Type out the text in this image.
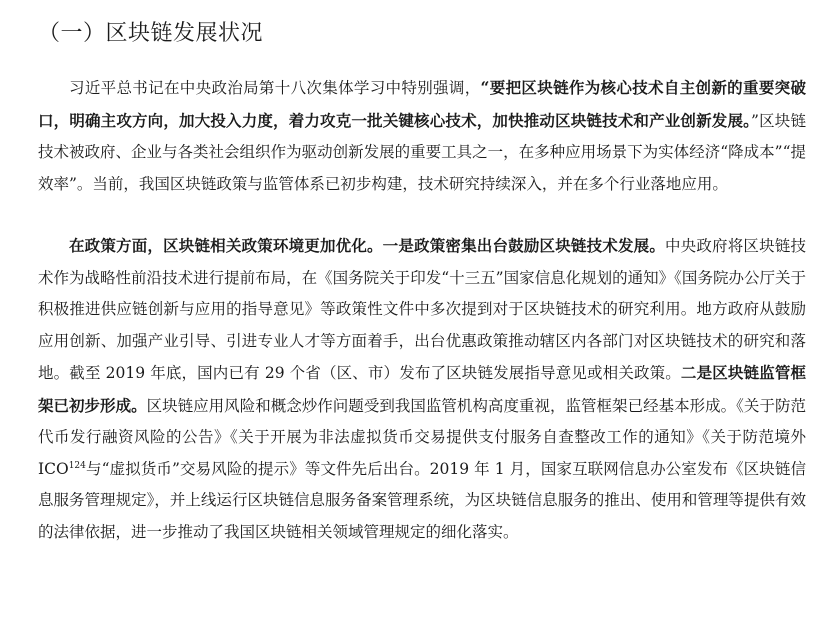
（一）区块链发展状况

习近平总书记在中央政治局第十八次集体学习中特别强调，“要把区块链作为核心技术自主创新的重要突破口，明确主攻方向，加大投入力度，着力攻克一批关键核心技术，加快推动区块链技术和产业创新发展。”区块链技术被政府、企业与各类社会组织作为驱动创新发展的重要工具之一，在多种应用场景下为实体经济“降成本”“提效率”。当前，我国区块链政策与监管体系已初步构建，技术研究持续深入，并在多个行业落地应用。

在政策方面，区块链相关政策环境更加优化。一是政策密集出台鼓励区块链技术发展。中央政府将区块链技术作为战略性前沿技术进行提前布局，在《国务院关于印发“十三五”国家信息化规划的通知》《国务院办公厅关于积极推进供应链创新与应用的指导意见》等政策性文件中多次提到对于区块链技术的研究利用。地方政府从鼓励应用创新、加强产业引导、引进专业人才等方面着手，出台优惠政策推动辖区内各部门对区块链技术的研究和落地。截至 2019 年底，国内已有 29 个省（区、市）发布了区块链发展指导意见或相关政策。二是区块链监管框架已初步形成。区块链应用风险和概念炒作问题受到我国监管机构高度重视，监管框架已经基本形成。《关于防范代币发行融资风险的公告》《关于开展为非法虚拟货币交易提供支付服务自查整改工作的通知》《关于防范境外 ICO$^{124}$与“虚拟货币”交易风险的提示》等文件先后出台。2019 年 1 月，国家互联网信息办公室发布《区块链信息服务管理规定》，并上线运行区块链信息服务备案管理系统，为区块链信息服务的推出、使用和管理等提供有效的法律依据，进一步推动了我国区块链相关领域管理规定的细化落实。
